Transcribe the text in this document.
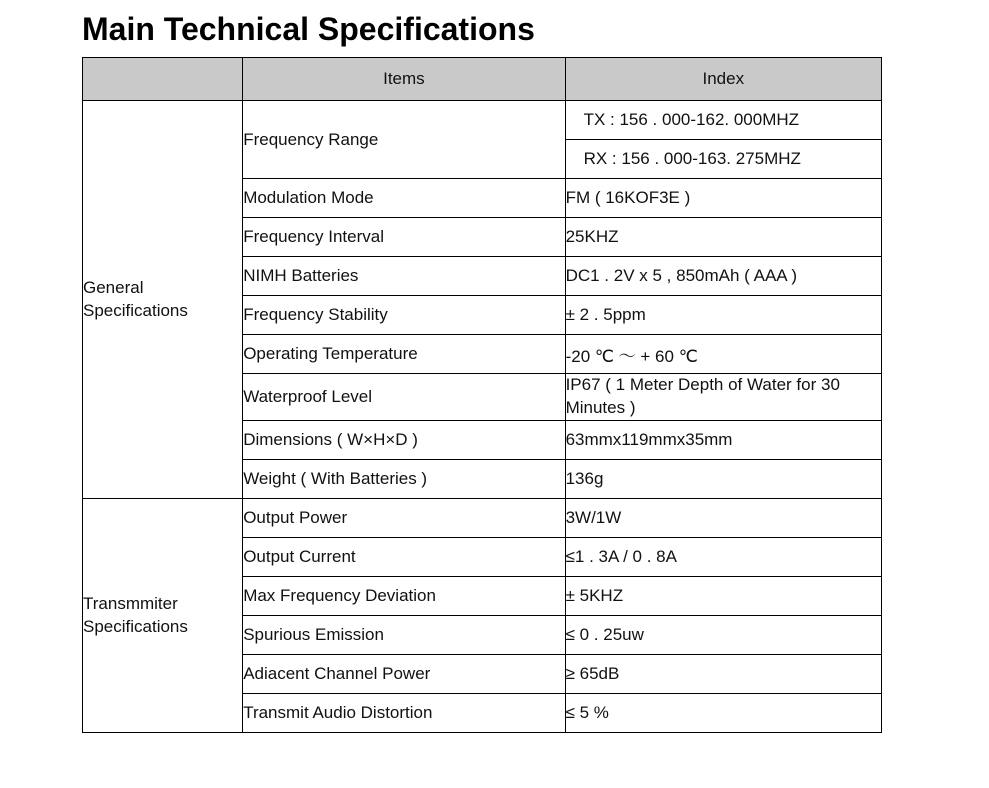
Main Technical Specifications
	Items	Index

General
Specifications	Frequency Range	TX : 156 . 000-162. 000MHZ
		RX : 156 . 000-163. 275MHZ
	Modulation Mode	FM ( 16KOF3E )
	Frequency Interval	25KHZ
	NIMH Batteries	DC1 . 2V x 5 , 850mAh ( AAA )
	Frequency Stability	± 2 . 5ppm
	Operating Temperature	-20 ℃ ～ + 60 ℃
	Waterproof Level	IP67 ( 1 Meter Depth of Water for 30 Minutes )
	Dimensions ( W×H×D )	63mmx119mmx35mm
	Weight ( With Batteries )	136g

Transmmiter
Specifications	Output Power	3W/1W
	Output Current	≤1 . 3A / 0 . 8A
	Max Frequency Deviation	± 5KHZ
	Spurious Emission	≤ 0 . 25uw
	Adiacent Channel Power	≥ 65dB
	Transmit Audio Distortion	≤ 5 %
